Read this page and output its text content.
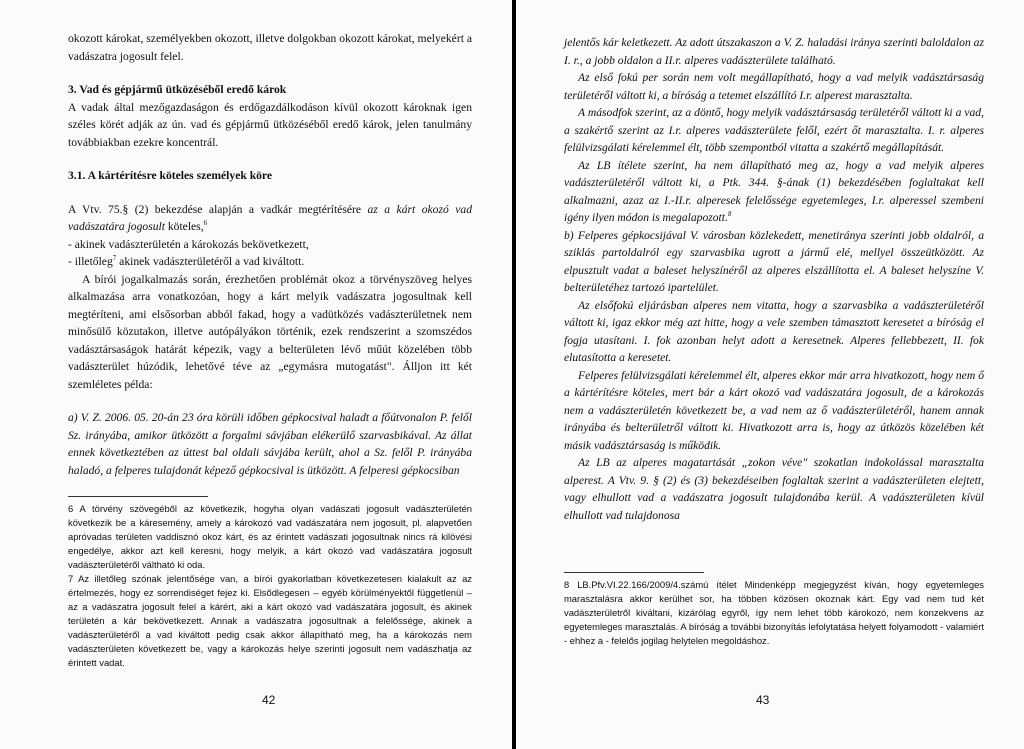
okozott károkat, személyekben okozott, illetve dolgokban okozott károkat, melyekért a vadászatra jogosult felel.

3. Vad és gépjármű ütközéséből eredő károk

A vadak által mezőgazdaságon és erdőgazdálkodáson kívül okozott károknak igen széles körét adják az ún. vad és gépjármű ütközéséből eredő károk, jelen tanulmány továbbiakban ezekre koncentrál.

3.1. A kártérítésre köteles személyek köre

A Vtv. 75.§ (2) bekezdése alapján a vadkár megtérítésére az a kárt okozó vad vadászatára jogosult köteles,$^6$

- akinek vadászterületén a károkozás bekövetkezett,

- illetőleg$^7$ akinek vadászterületéről a vad kiváltott.

A bírói jogalkalmazás során, érezhetően problémát okoz a törvényszöveg helyes alkalmazása arra vonatkozóan, hogy a kárt melyik vadászatra jogosultnak kell megtéríteni, ami elsősorban abból fakad, hogy a vadütközés vadászterületnek nem minősülő közutakon, illetve autópályákon történik, ezek rendszerint a szomszédos vadásztársaságok határát képezik, vagy a belterületen lévő műút közelében több vadászterület húzódik, lehetővé téve az „egymásra mutogatást". Álljon itt két szemléletes példa:

a) V. Z. 2006. 05. 20-án 23 óra körüli időben gépkocsival haladt a főútvonalon P. felől Sz. irányába, amikor ütközött a forgalmi sávjában elékerülő szarvasbikával. Az állat ennek következtében az úttest bal oldali sávjába került, ahol a Sz. felől P. irányába haladó, a felperes tulajdonát képező gépkocsival is ütközött. A felperesi gépkocsiban

6 A törvény szövegéből az következik, hogyha olyan vadászati jogosult vadászterületén következik be a káresemény, amely a károkozó vad vadászatára nem jogosult, pl. alapvetően apróvadas területen vaddisznó okoz kárt, és az érintett vadászati jogosultnak nincs rá kilövési engedélye, akkor azt kell keresni, hogy melyik, a kárt okozó vad vadászatára jogosult vadászterületéről váltható ki oda.

7 Az illetőleg szónak jelentősége van, a bírói gyakorlatban következetesen kialakult az az értelmezés, hogy ez sorrendiséget fejez ki. Elsődlegesen – egyéb körülményektől függetlenül – az a vadászatra jogosult felel a kárért, aki a kárt okozó vad vadászatára jogosult, és akinek területén a kár bekövetkezett. Annak a vadászatra jogosultnak a felelőssége, akinek a vadászterületéről a vad kiváltott pedig csak akkor állapítható meg, ha a károkozás nem vadászterületen következett be, vagy a károkozás helye szerinti jogosult nem vadászhatja az érintett vadat.

42

jelentős kár keletkezett. Az adott útszakaszon a V. Z. haladási iránya szerinti baloldalon az I. r., a jobb oldalon a II.r. alperes vadászterülete található.

Az első fokú per során nem volt megállapítható, hogy a vad melyik vadásztársaság területéről váltott ki, a bíróság a tetemet elszállító I.r. alperest marasztalta.

A másodfok szerint, az a döntő, hogy melyik vadásztársaság területéről váltott ki a vad, a szakértő szerint az I.r. alperes vadászterülete felől, ezért őt marasztalta. I. r. alperes felülvizsgálati kérelemmel élt, több szempontból vitatta a szakértő megállapítását.

Az LB ítélete szerint, ha nem állapítható meg az, hogy a vad melyik alperes vadászterületéről váltott ki, a Ptk. 344. §-ának (1) bekezdésében foglaltakat kell alkalmazni, azaz az I.-II.r. alperesek felelőssége egyetemleges, I.r. alperessel szembeni igény ilyen módon is megalapozott.$^8$

b) Felperes gépkocsijával V. városban közlekedett, menetiránya szerinti jobb oldalról, a sziklás partoldalról egy szarvasbika ugrott a jármű elé, mellyel összeütközött. Az elpusztult vadat a baleset helyszínéről az alperes elszállította el. A baleset helyszíne V. belterületéhez tartozó ipartelület.

Az elsőfokú eljárásban alperes nem vitatta, hogy a szarvasbika a vadászterületéről váltott ki, igaz ekkor még azt hitte, hogy a vele szemben támasztott keresetet a bíróság el fogja utasítani. I. fok azonban helyt adott a keresetnek. Alperes fellebbezett, II. fok elutasította a keresetet.

Felperes felülvizsgálati kérelemmel élt, alperes ekkor már arra hivatkozott, hogy nem ő a kártérítésre köteles, mert bár a kárt okozó vad vadászatára jogosult, de a károkozás nem a vadászterületén következett be, a vad nem az ő vadászterületéről, hanem annak irányába és belterületről váltott ki. Hivatkozott arra is, hogy az útközös közelében két másik vadásztársaság is működik.

Az LB az alperes magatartását „zokon véve" szokatlan indokolással marasztalta alperest. A Vtv. 9. § (2) és (3) bekezdéseiben foglaltak szerint a vadászterületen elejtett, vagy elhullott vad a vadászatra jogosult tulajdonába kerül. A vadászterületen kívül elhullott vad tulajdonosa

8 LB.Pfv.VI.22.166/2009/4.számú ítélet Mindenképp megjegyzést kíván, hogy egyetemleges marasztalásra akkor kerülhet sor, ha többen közösen okoznak kárt. Egy vad nem tud két vadászterületről kiváltani, kizárólag egyről, így nem lehet több károkozó, nem konzekvens az egyetemleges marasztalás. A bíróság a további bizonyítás lefolytatása helyett folyamodott - valamiért - ehhez a - felelős jogilag helytelen megoldáshoz.

43
